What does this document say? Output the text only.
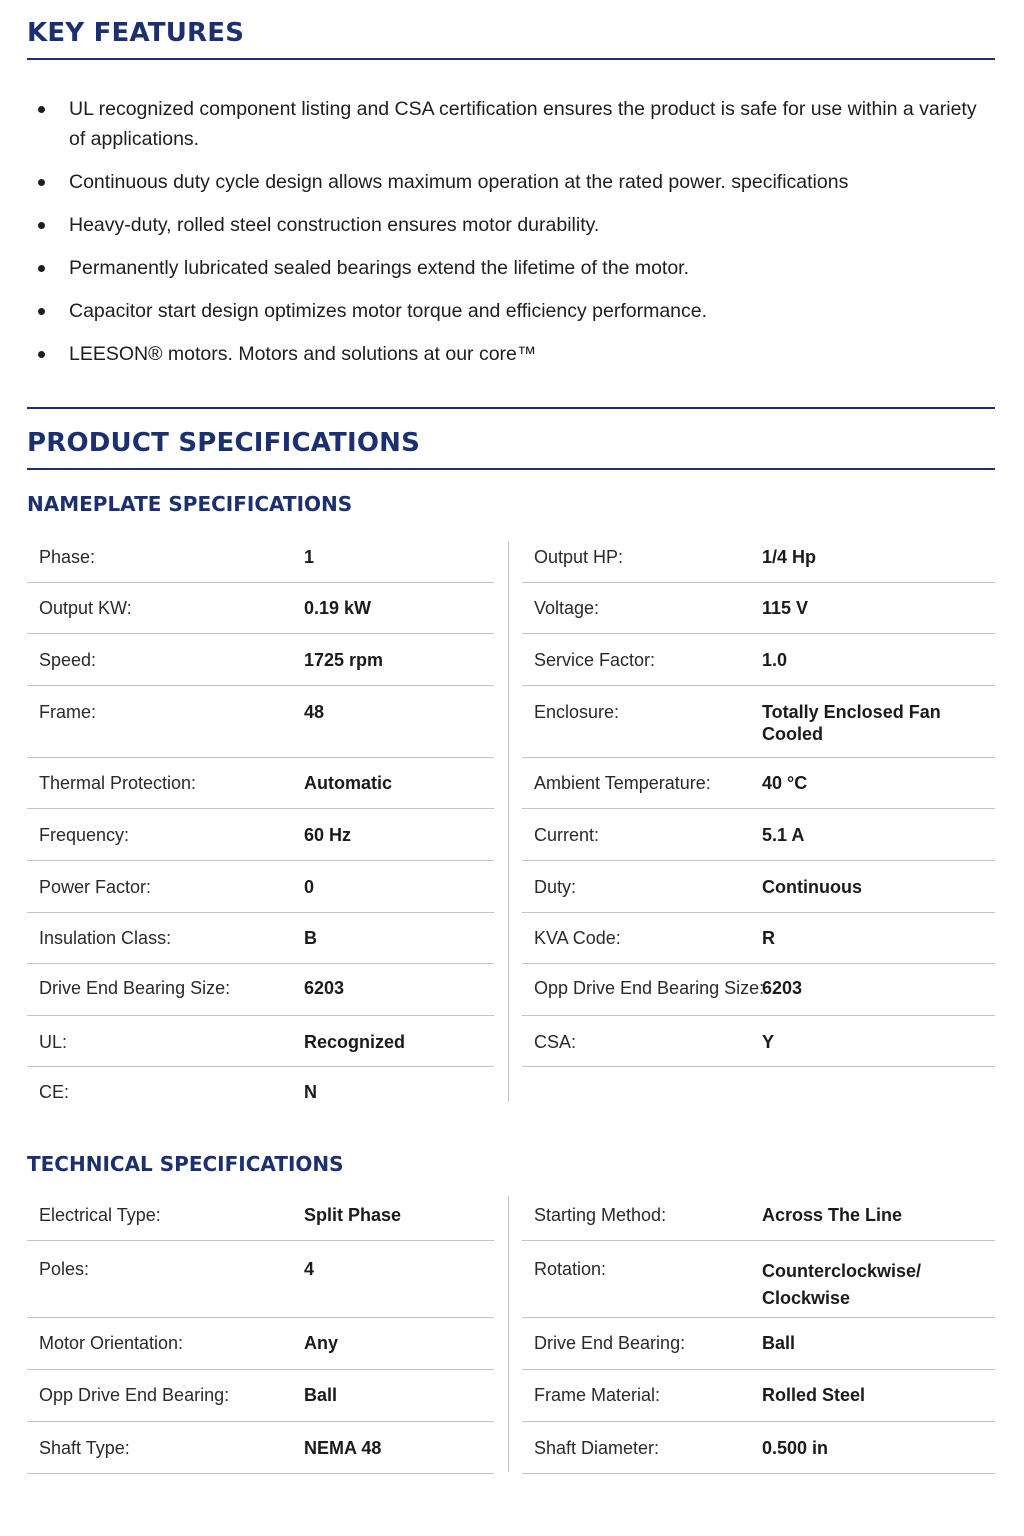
KEY FEATURES
UL recognized component listing and CSA certification ensures the product is safe for use within a variety of applications.
Continuous duty cycle design allows maximum operation at the rated power. specifications
Heavy-duty, rolled steel construction ensures motor durability.
Permanently lubricated sealed bearings extend the lifetime of the motor.
Capacitor start design optimizes motor torque and efficiency performance.
LEESON® motors. Motors and solutions at our core™
PRODUCT SPECIFICATIONS
NAMEPLATE SPECIFICATIONS
Phase:	1
Output KW:	0.19 kW
Speed:	1725 rpm
Frame:	48
Thermal Protection:	Automatic
Frequency:	60 Hz
Power Factor:	0
Insulation Class:	B
Drive End Bearing Size:	6203
UL:	Recognized
CE:	N
Output HP:	1/4 Hp
Voltage:	115 V
Service Factor:	1.0
Enclosure:	Totally Enclosed Fan Cooled
Ambient Temperature:	40 °C
Current:	5.1 A
Duty:	Continuous
KVA Code:	R
Opp Drive End Bearing Size:
6203
CSA:	Y
TECHNICAL SPECIFICATIONS
Electrical Type:	Split Phase
Poles:	4
Motor Orientation:	Any
Opp Drive End Bearing:	Ball
Shaft Type:	NEMA 48
Starting Method:	Across The Line
Rotation:	Counterclockwise/ Clockwise
Drive End Bearing:	Ball
Frame Material:	Rolled Steel
Shaft Diameter:	0.500 in
